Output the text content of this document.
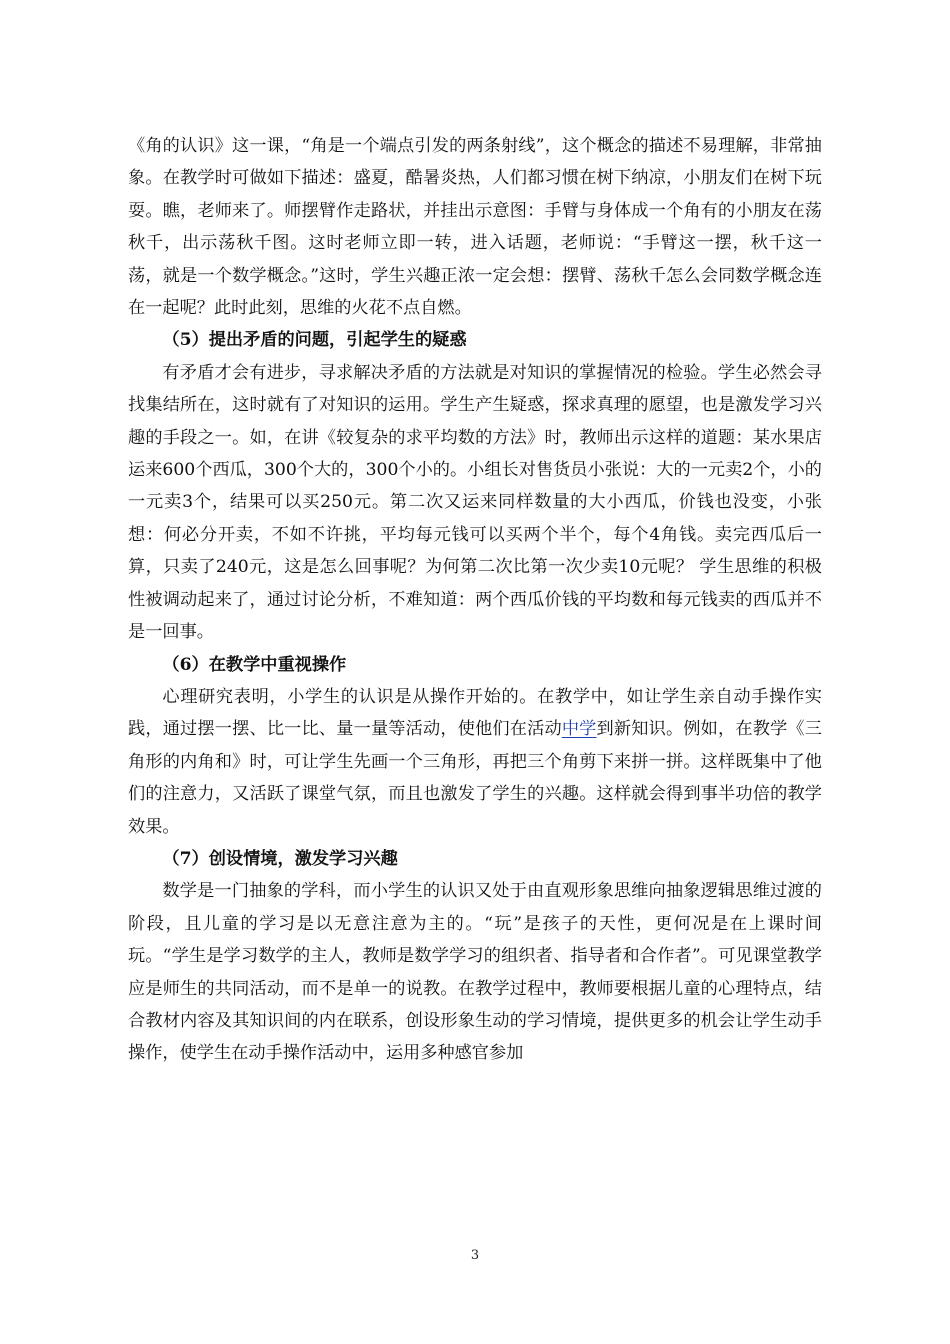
《角的认识》这一课，“角是一个端点引发的两条射线”，这个概念的描述不易理解，非常抽象。在教学时可做如下描述：盛夏，酷暑炎热，人们都习惯在树下纳凉，小朋友们在树下玩耍。瞧，老师来了。师摆臂作走路状，并挂出示意图：手臂与身体成一个角有的小朋友在荡秋千，出示荡秋千图。这时老师立即一转，进入话题，老师说：“手臂这一摆，秋千这一荡，就是一个数学概念。”这时，学生兴趣正浓一定会想：摆臂、荡秋千怎么会同数学概念连在一起呢？此时此刻，思维的火花不点自燃。

（5）提出矛盾的问题，引起学生的疑惑

有矛盾才会有进步，寻求解决矛盾的方法就是对知识的掌握情况的检验。学生必然会寻找集结所在，这时就有了对知识的运用。学生产生疑惑，探求真理的愿望，也是激发学习兴趣的手段之一。如，在讲《较复杂的求平均数的方法》时，教师出示这样的道题：某水果店运来600个西瓜，300个大的，300个小的。小组长对售货员小张说：大的一元卖2个，小的一元卖3个，结果可以买250元。第二次又运来同样数量的大小西瓜，价钱也没变，小张想：何必分开卖，不如不许挑，平均每元钱可以买两个半个，每个4角钱。卖完西瓜后一算，只卖了240元，这是怎么回事呢？为何第二次比第一次少卖10元呢？ 学生思维的积极性被调动起来了，通过讨论分析，不难知道：两个西瓜价钱的平均数和每元钱卖的西瓜并不是一回事。

（6）在教学中重视操作

心理研究表明，小学生的认识是从操作开始的。在教学中，如让学生亲自动手操作实践，通过摆一摆、比一比、量一量等活动，使他们在活动中学到新知识。例如，在教学《三角形的内角和》时，可让学生先画一个三角形，再把三个角剪下来拼一拼。这样既集中了他们的注意力，又活跃了课堂气氛，而且也激发了学生的兴趣。这样就会得到事半功倍的教学效果。

（7）创设情境，激发学习兴趣

数学是一门抽象的学科，而小学生的认识又处于由直观形象思维向抽象逻辑思维过渡的阶段，且儿童的学习是以无意注意为主的。“玩”是孩子的天性，更何况是在上课时间玩。“学生是学习数学的主人，教师是数学学习的组织者、指导者和合作者”。可见课堂教学应是师生的共同活动，而不是单一的说教。在教学过程中，教师要根据儿童的心理特点，结合教材内容及其知识间的内在联系，创设形象生动的学习情境，提供更多的机会让学生动手操作，使学生在动手操作活动中，运用多种感官参加

3
